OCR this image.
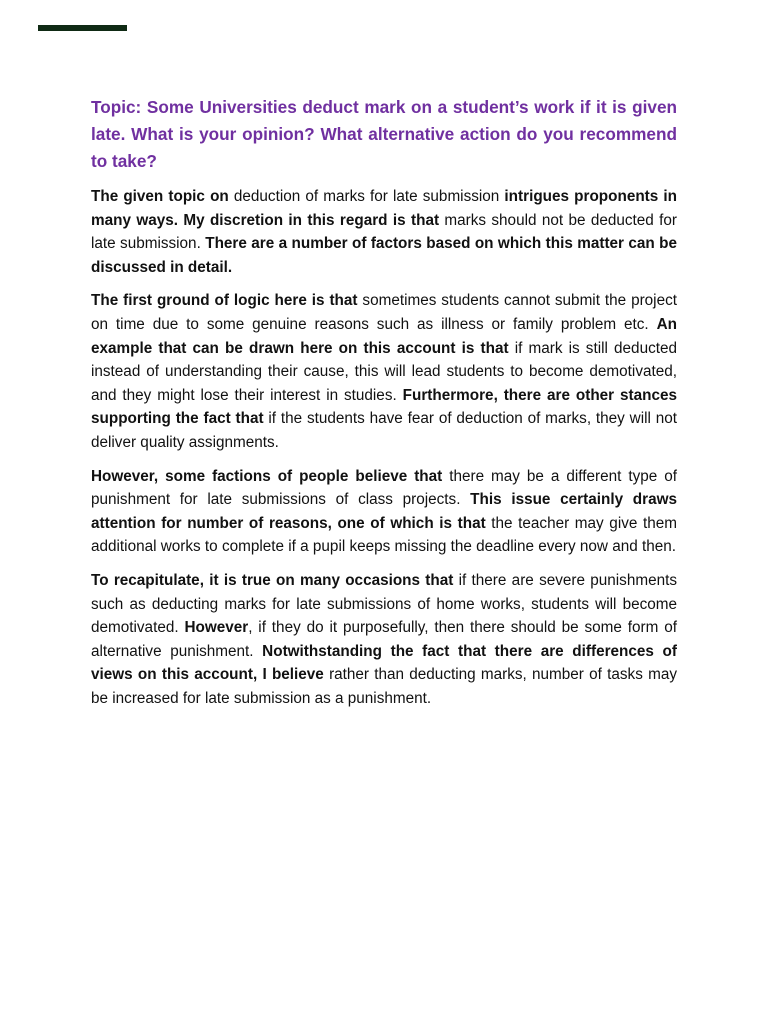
Topic: Some Universities deduct mark on a student’s work if it is given late. What is your opinion? What alternative action do you recommend to take?

The given topic on deduction of marks for late submission intrigues proponents in many ways. My discretion in this regard is that marks should not be deducted for late submission. There are a number of factors based on which this matter can be discussed in detail.

The first ground of logic here is that sometimes students cannot submit the project on time due to some genuine reasons such as illness or family problem etc. An example that can be drawn here on this account is that if mark is still deducted instead of understanding their cause, this will lead students to become demotivated, and they might lose their interest in studies. Furthermore, there are other stances supporting the fact that if the students have fear of deduction of marks, they will not deliver quality assignments.

However, some factions of people believe that there may be a different type of punishment for late submissions of class projects. This issue certainly draws attention for number of reasons, one of which is that the teacher may give them additional works to complete if a pupil keeps missing the deadline every now and then.

To recapitulate, it is true on many occasions that if there are severe punishments such as deducting marks for late submissions of home works, students will become demotivated. However, if they do it purposefully, then there should be some form of alternative punishment. Notwithstanding the fact that there are differences of views on this account, I believe rather than deducting marks, number of tasks may be increased for late submission as a punishment.
